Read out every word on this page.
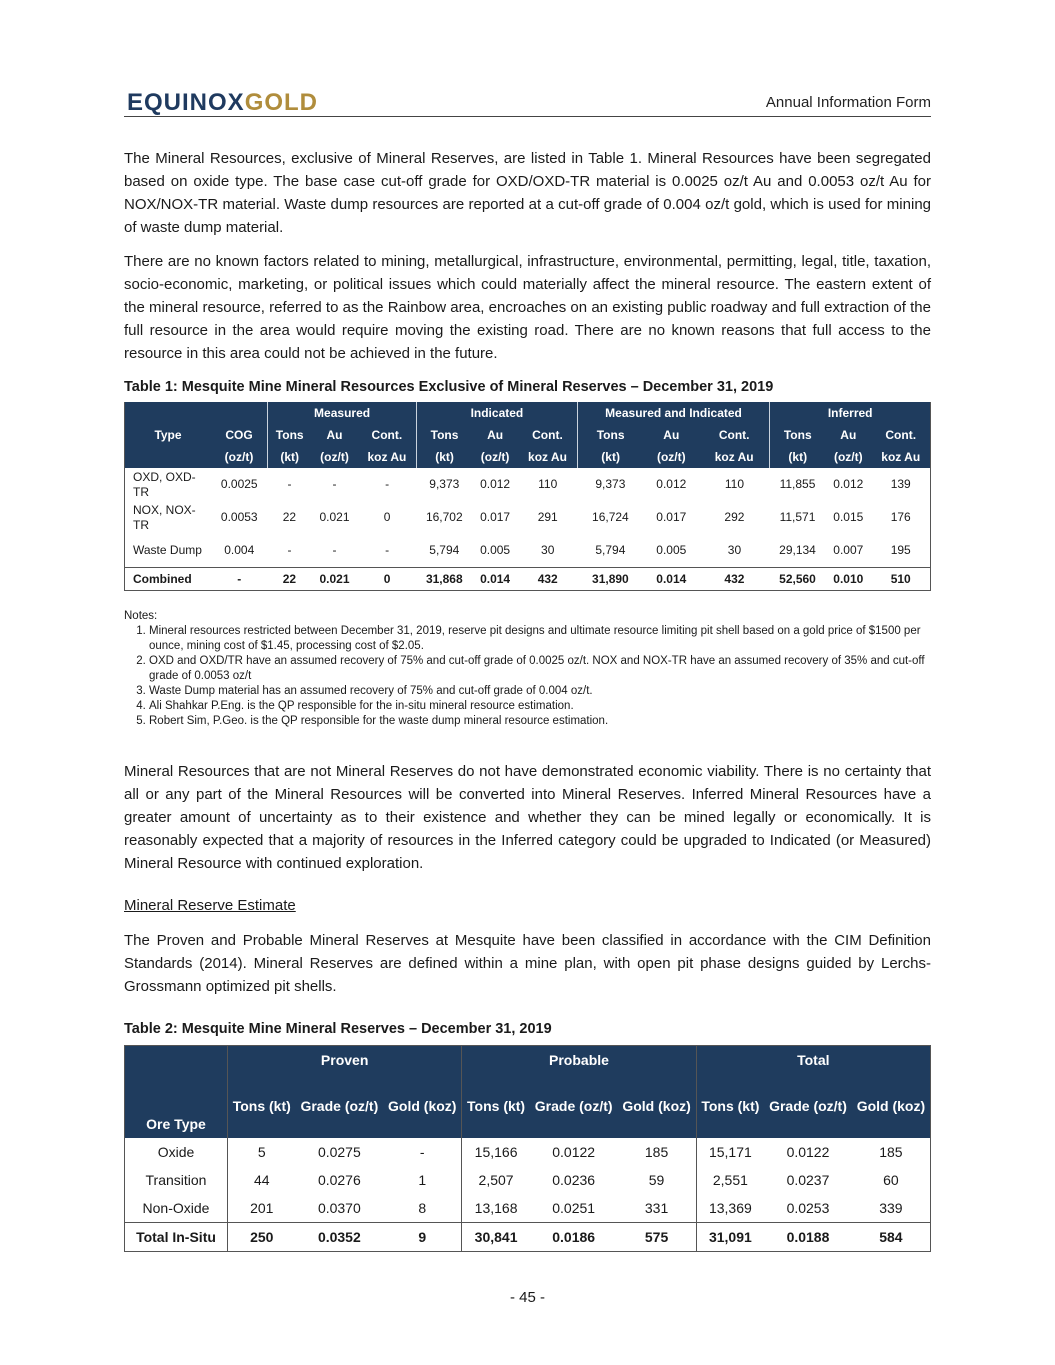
EQUINOXGOLD	Annual Information Form

The Mineral Resources, exclusive of Mineral Reserves, are listed in Table 1. Mineral Resources have been segregated based on oxide type. The base case cut-off grade for OXD/OXD-TR material is 0.0025 oz/t Au and 0.0053 oz/t Au for NOX/NOX-TR material. Waste dump resources are reported at a cut-off grade of 0.004 oz/t gold, which is used for mining of waste dump material.

There are no known factors related to mining, metallurgical, infrastructure, environmental, permitting, legal, title, taxation, socio-economic, marketing, or political issues which could materially affect the mineral resource. The eastern extent of the mineral resource, referred to as the Rainbow area, encroaches on an existing public roadway and full extraction of the full resource in the area would require moving the existing road. There are no known reasons that full access to the resource in this area could not be achieved in the future.

Table 1: Mesquite Mine Mineral Resources Exclusive of Mineral Reserves – December 31, 2019

Type		Measured			Indicated			Measured and Indicated			Inferred		
	COG	Tons	Au	Cont.	Tons	Au	Cont.	Tons	Au	Cont.	Tons	Au	Cont.
	(oz/t)	(kt)	(oz/t)	koz Au	(kt)	(oz/t)	koz Au	(kt)	(oz/t)	koz Au	(kt)	(oz/t)	koz Au
OXD, OXD-TR	0.0025	-	-	-	9,373	0.012	110	9,373	0.012	110	11,855	0.012	139
NOX, NOX-TR	0.0053	22	0.021	0	16,702	0.017	291	16,724	0.017	292	11,571	0.015	176
Waste Dump	0.004	-	-	-	5,794	0.005	30	5,794	0.005	30	29,134	0.007	195
Combined	-	22	0.021	0	31,868	0.014	432	31,890	0.014	432	52,560	0.010	510
Notes:
1. Mineral resources restricted between December 31, 2019, reserve pit designs and ultimate resource limiting pit shell based on a gold price of $1500 per ounce, mining cost of $1.45, processing cost of $2.05.
2. OXD and OXD/TR have an assumed recovery of 75% and cut-off grade of 0.0025 oz/t. NOX and NOX-TR have an assumed recovery of 35% and cut-off grade of 0.0053 oz/t
3. Waste Dump material has an assumed recovery of 75% and cut-off grade of 0.004 oz/t.
4. Ali Shahkar P.Eng. is the QP responsible for the in-situ mineral resource estimation.
5. Robert Sim, P.Geo. is the QP responsible for the waste dump mineral resource estimation.

Mineral Resources that are not Mineral Reserves do not have demonstrated economic viability. There is no certainty that all or any part of the Mineral Resources will be converted into Mineral Reserves. Inferred Mineral Resources have a greater amount of uncertainty as to their existence and whether they can be mined legally or economically. It is reasonably expected that a majority of resources in the Inferred category could be upgraded to Indicated (or Measured) Mineral Resource with continued exploration.

Mineral Reserve Estimate

The Proven and Probable Mineral Reserves at Mesquite have been classified in accordance with the CIM Definition Standards (2014). Mineral Reserves are defined within a mine plan, with open pit phase designs guided by Lerchs-Grossmann optimized pit shells.

Table 2: Mesquite Mine Mineral Reserves – December 31, 2019

Ore Type	Proven			Probable			Total		
	Tons (kt)	Grade (oz/t)	Gold (koz)	Tons (kt)	Grade (oz/t)	Gold (koz)	Tons (kt)	Grade (oz/t)	Gold (koz)
Oxide	5	0.0275	-	15,166	0.0122	185	15,171	0.0122	185
Transition	44	0.0276	1	2,507	0.0236	59	2,551	0.0237	60
Non-Oxide	201	0.0370	8	13,168	0.0251	331	13,369	0.0253	339
Total In-Situ	250	0.0352	9	30,841	0.0186	575	31,091	0.0188	584
- 45 -
